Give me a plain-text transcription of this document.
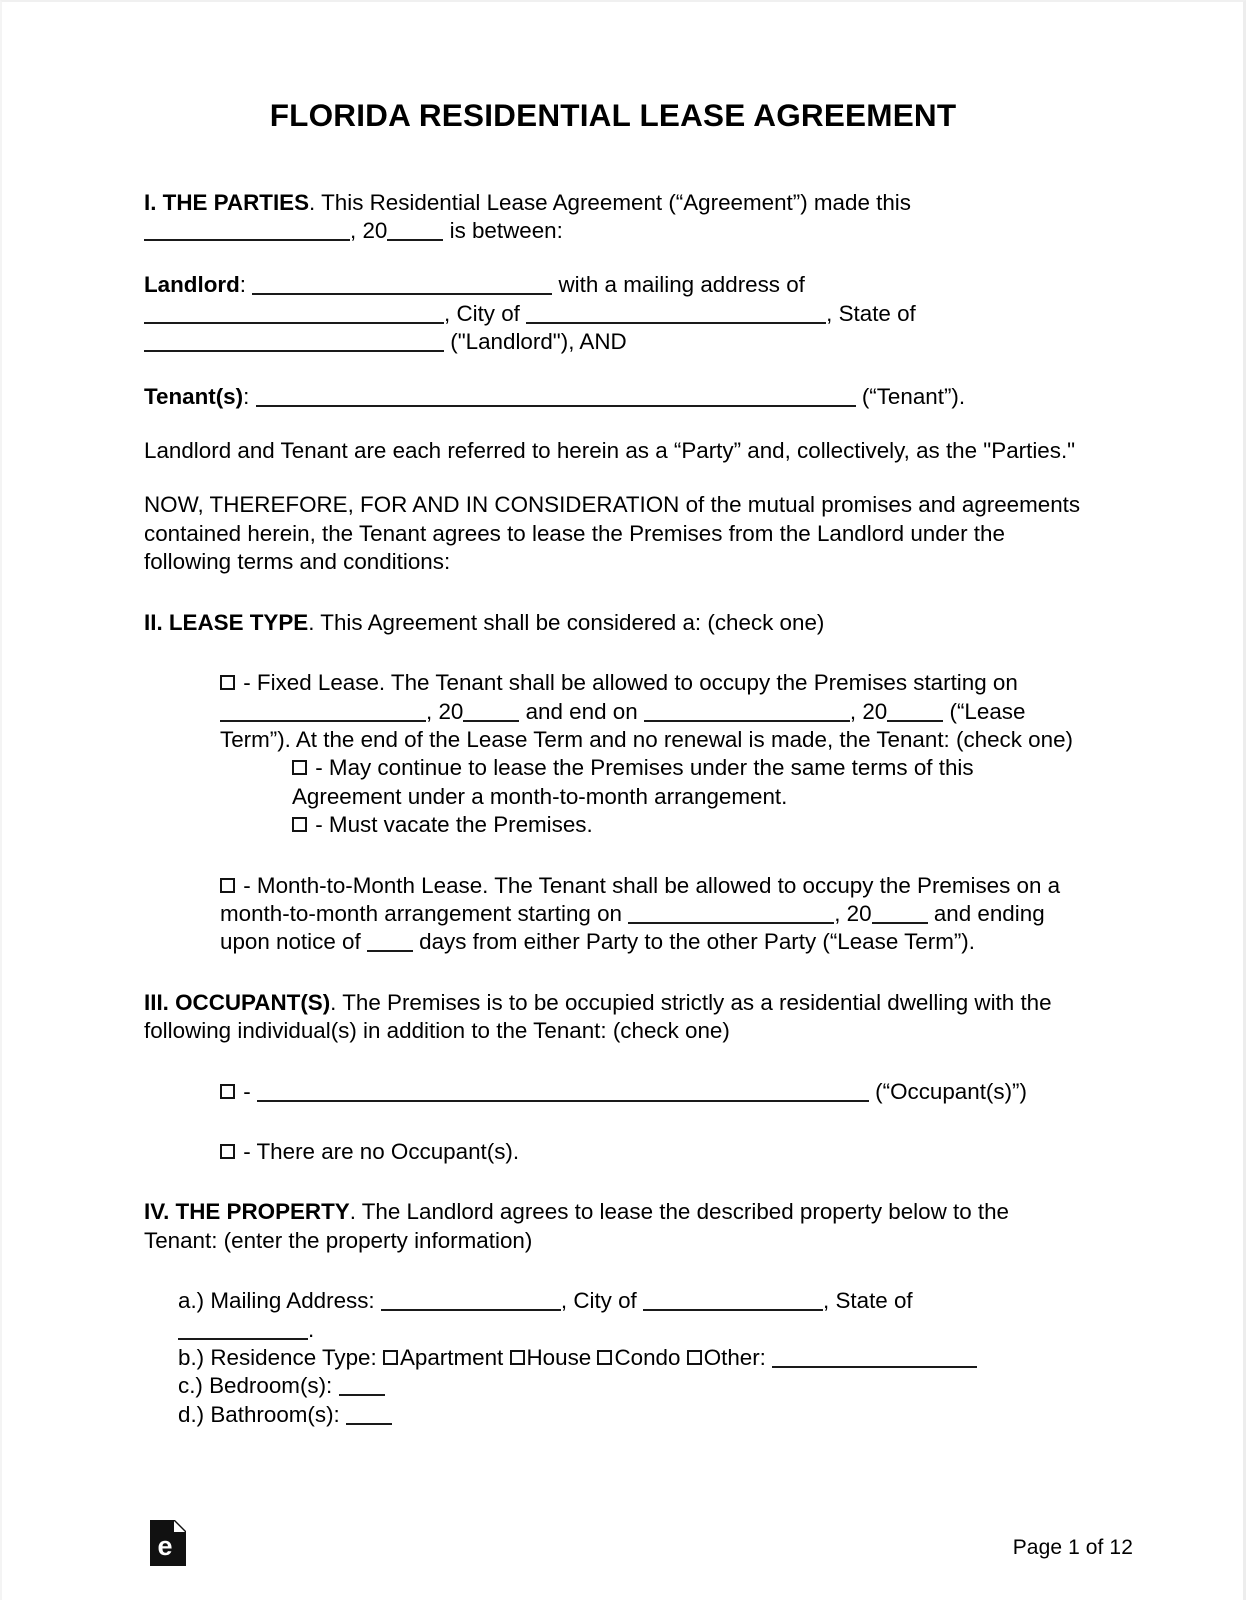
FLORIDA RESIDENTIAL LEASE AGREEMENT

I. THE PARTIES. This Residential Lease Agreement (“Agreement”) made this
, 20	is between:

Landlord:	with a mailing address of
, City of	, State of
("Landlord"), AND

Tenant(s):	(“Tenant”).

Landlord and Tenant are each referred to herein as a “Party” and, collectively, as the "Parties."

NOW, THEREFORE, FOR AND IN CONSIDERATION of the mutual promises and agreements contained herein, the Tenant agrees to lease the Premises from the Landlord under the following terms and conditions:

II. LEASE TYPE. This Agreement shall be considered a: (check one)

- Fixed Lease. The Tenant shall be allowed to occupy the Premises starting on
, 20	and end on	, 20	(“Lease Term”). At the end of the Lease Term and no renewal is made, the Tenant: (check one)

- May continue to lease the Premises under the same terms of this Agreement under a month-to-month arrangement.

- Must vacate the Premises.

- Month-to-Month Lease. The Tenant shall be allowed to occupy the Premises on a month-to-month arrangement starting on	, 20	and ending upon notice of	days from either Party to the other Party (“Lease Term”).

III. OCCUPANT(S). The Premises is to be occupied strictly as a residential dwelling with the following individual(s) in addition to the Tenant: (check one)

-	(“Occupant(s)”)

- There are no Occupant(s).

IV. THE PROPERTY. The Landlord agrees to lease the described property below to the Tenant: (enter the property information)

a.) Mailing Address:	, City of	, State of
.

b.) Residence Type: Apartment House Condo Other:

c.) Bedroom(s):

d.) Bathroom(s):

e	Page 1 of 12
